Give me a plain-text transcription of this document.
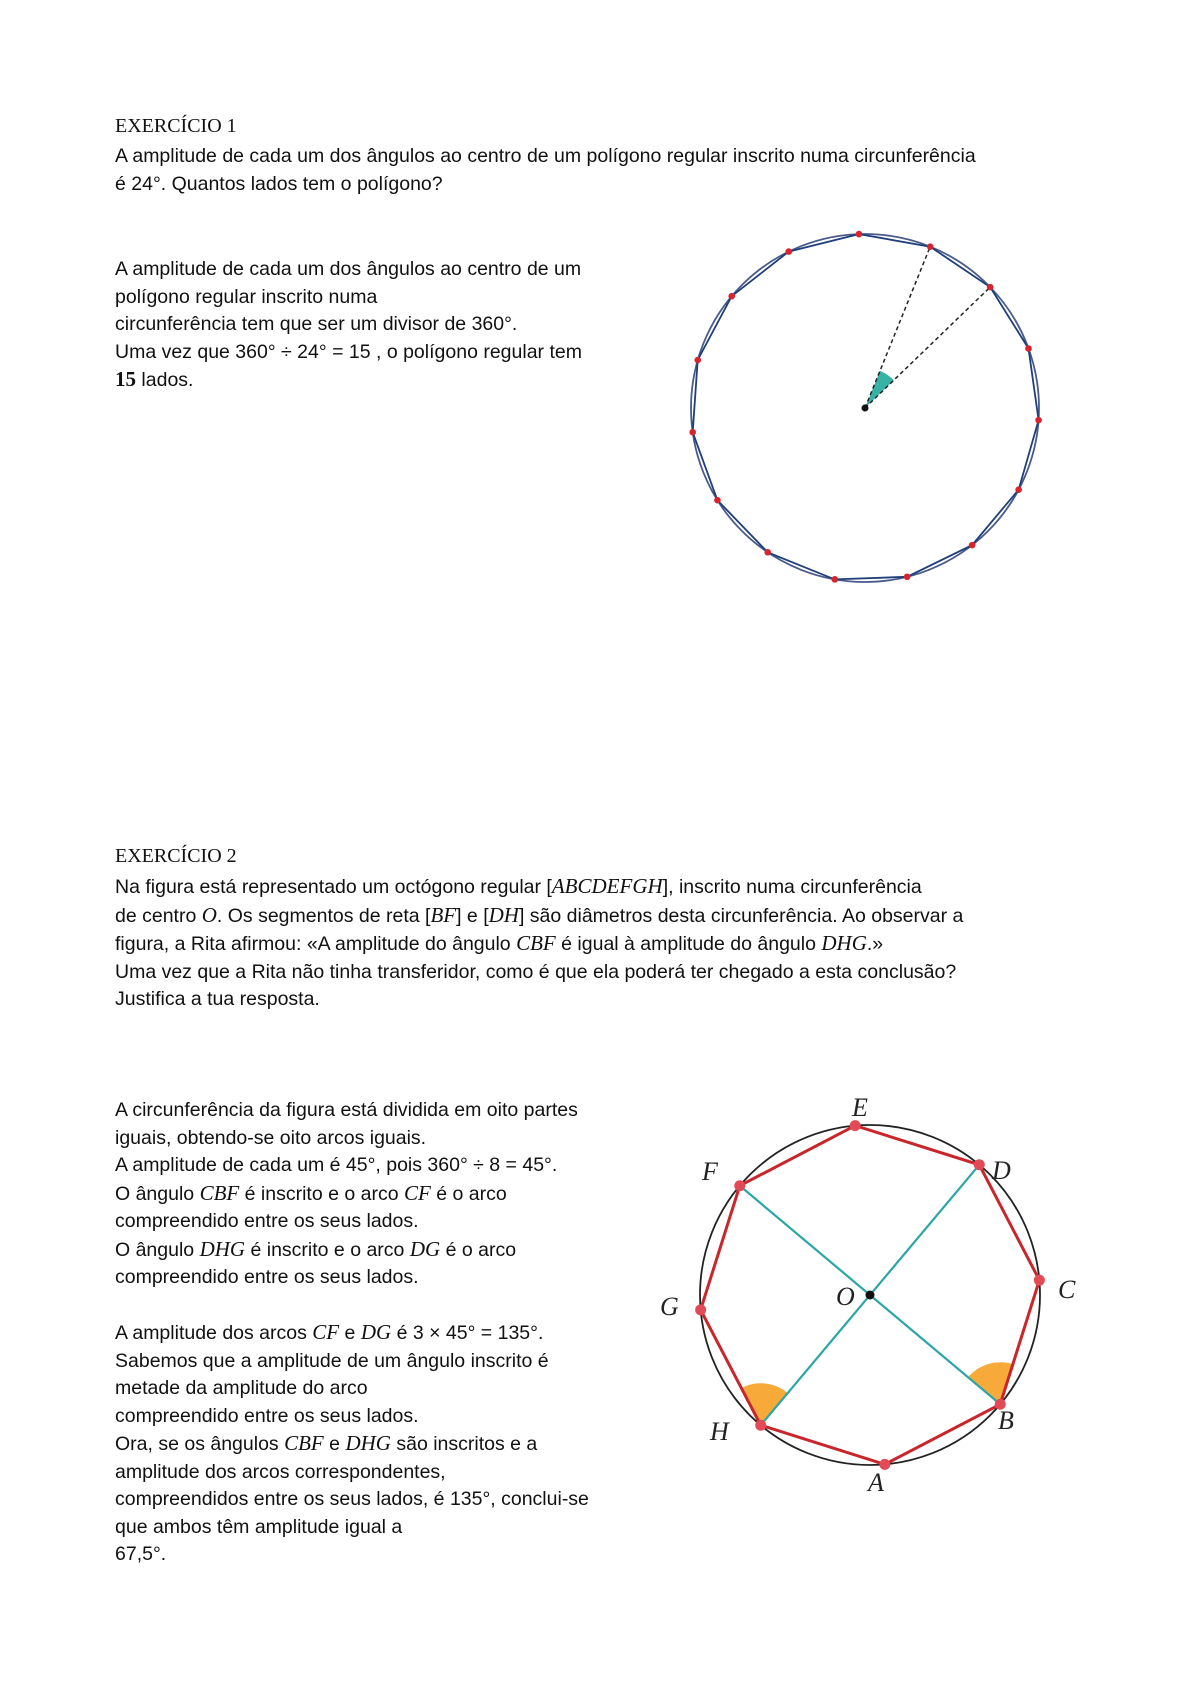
EXERCÍCIO 1
A amplitude de cada um dos ângulos ao centro de um polígono regular inscrito numa circunferência
é 24°. Quantos lados tem o polígono?
A amplitude de cada um dos ângulos ao centro de um
polígono regular inscrito numa
circunferência tem que ser um divisor de 360°.
Uma vez que 360° ÷ 24° = 15 , o polígono regular tem
15 lados.
EXERCÍCIO 2
Na figura está representado um octógono regular [ABCDEFGH], inscrito numa circunferência
de centro O. Os segmentos de reta [BF] e [DH] são diâmetros desta circunferência. Ao observar a
figura, a Rita afirmou: «A amplitude do ângulo CBF é igual à amplitude do ângulo DHG.»
Uma vez que a Rita não tinha transferidor, como é que ela poderá ter chegado a esta conclusão?
Justifica a tua resposta.
A circunferência da figura está dividida em oito partes
iguais, obtendo-se oito arcos iguais.
A amplitude de cada um é 45°, pois 360° ÷ 8 = 45°.
O ângulo CBF é inscrito e o arco CF é o arco
compreendido entre os seus lados.
O ângulo DHG é inscrito e o arco DG é o arco
compreendido entre os seus lados.

A amplitude dos arcos CF e DG é 3 × 45° = 135°.
Sabemos que a amplitude de um ângulo inscrito é
metade da amplitude do arco
compreendido entre os seus lados.
Ora, se os ângulos CBF e DHG são inscritos e a
amplitude dos arcos correspondentes,
compreendidos entre os seus lados, é 135°, conclui-se
que ambos têm amplitude igual a
67,5°.
E
D
C
B
A
H
G
F
O
